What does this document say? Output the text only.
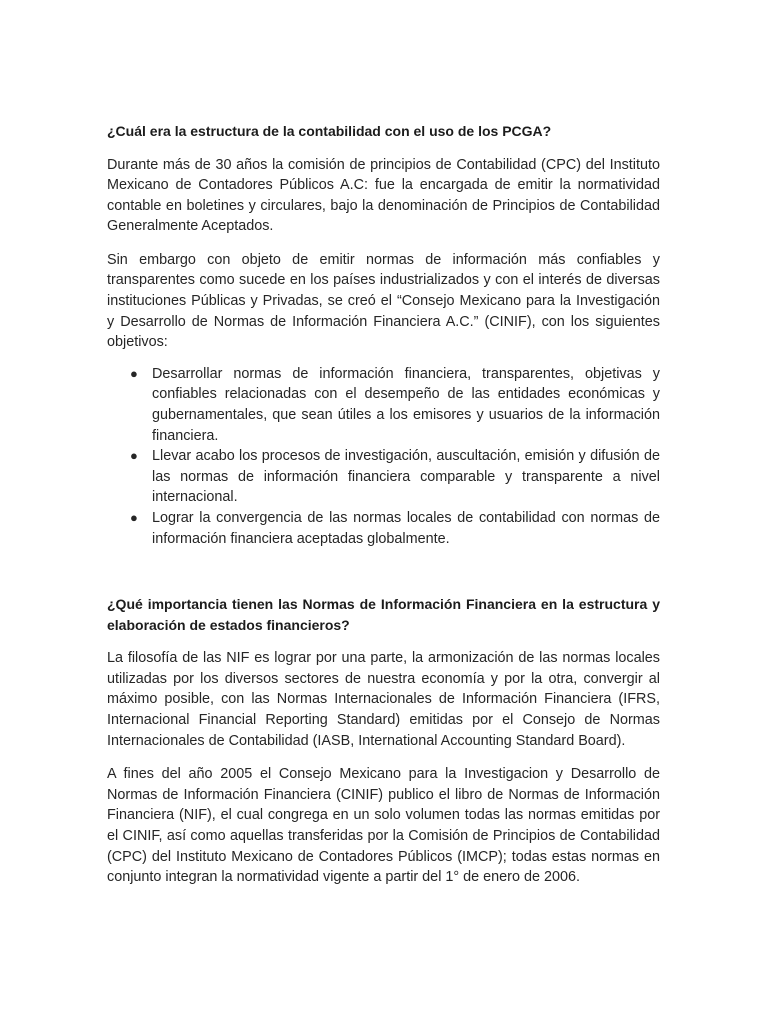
¿Cuál era la estructura de la contabilidad con el uso de los PCGA?

Durante más de 30 años la comisión de principios de Contabilidad (CPC) del Instituto Mexicano de Contadores Públicos A.C: fue la encargada de emitir la normatividad contable en boletines y circulares, bajo la denominación de Principios de Contabilidad Generalmente Aceptados.

Sin embargo con objeto de emitir normas de información más confiables y transparentes como sucede en los países industrializados y con el interés de diversas instituciones Públicas y Privadas, se creó el “Consejo Mexicano para la Investigación y Desarrollo de Normas de Información Financiera A.C.” (CINIF), con los siguientes objetivos:

● Desarrollar normas de información financiera, transparentes, objetivas y confiables relacionadas con el desempeño de las entidades económicas y gubernamentales, que sean útiles a los emisores y usuarios de la información financiera.
● Llevar acabo los procesos de investigación, auscultación, emisión y difusión de las normas de información financiera comparable y transparente a nivel internacional.
● Lograr la convergencia de las normas locales de contabilidad con normas de información financiera aceptadas globalmente.

¿Qué importancia tienen las Normas de Información Financiera en la estructura y elaboración de estados financieros?

La filosofía de las NIF es lograr por una parte, la armonización de las normas locales utilizadas por los diversos sectores de nuestra economía y por la otra, convergir al máximo posible, con las Normas Internacionales de Información Financiera (IFRS, Internacional Financial Reporting Standard) emitidas por el Consejo de Normas Internacionales de Contabilidad (IASB, International Accounting Standard Board).

A fines del año 2005 el Consejo Mexicano para la Investigacion y Desarrollo de Normas de Información Financiera (CINIF) publico el libro de Normas de Información Financiera (NIF), el cual congrega en un solo volumen todas las normas emitidas por el CINIF, así como aquellas transferidas por la Comisión de Principios de Contabilidad (CPC) del Instituto Mexicano de Contadores Públicos (IMCP); todas estas normas en conjunto integran la normatividad vigente a partir del 1° de enero de 2006.
